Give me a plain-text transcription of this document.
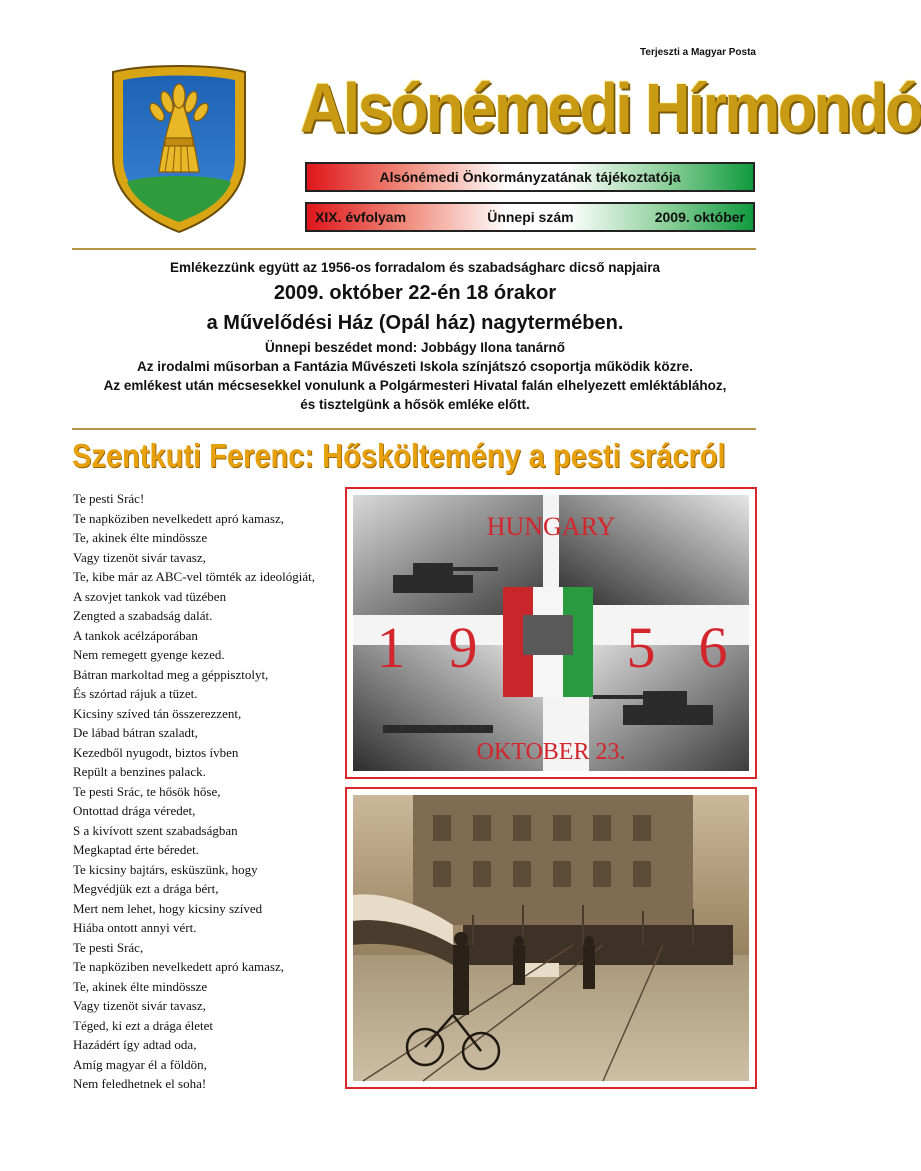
Terjeszti a Magyar Posta
Alsónémedi Hírmondó
Alsónémedi Önkormányzatának tájékoztatója
XIX. évfolyam	Ünnepi szám	2009. október
Emlékezzünk együtt az 1956-os forradalom és szabadságharc dicső napjaira
2009. október 22-én 18 órakor
a Művelődési Ház (Opál ház) nagytermében.
Ünnepi beszédet mond: Jobbágy Ilona tanárnő
Az irodalmi műsorban a Fantázia Művészeti Iskola színjátszó csoportja működik közre.
Az emlékest után mécsesekkel vonulunk a Polgármesteri Hivatal falán elhelyezett emléktáblához,
és tisztelgünk a hősök emléke előtt.
Szentkuti Ferenc: Hősköltemény a pesti srácról
Te pesti Srác!
Te napköziben nevelkedett apró kamasz,
Te, akinek élte mindössze
Vagy tizenöt sivár tavasz,
Te, kibe már az ABC-vel tömték az ideológiát,
A szovjet tankok vad tüzében
Zengted a szabadság dalát.
A tankok acélzáporában
Nem remegett gyenge kezed.
Bátran markoltad meg a géppisztolyt,
És szórtad rájuk a tüzet.
Kicsiny szíved tán összerezzent,
De lábad bátran szaladt,
Kezedből nyugodt, biztos ívben
Repült a benzines palack.
Te pesti Srác, te hősök hőse,
Ontottad drága véredet,
S a kivívott szent szabadságban
Megkaptad érte béredet.
Te kicsiny bajtárs, esküszünk, hogy
Megvédjük ezt a drága bért,
Mert nem lehet, hogy kicsiny szíved
Hiába ontott annyi vért.
Te pesti Srác,
Te napköziben nevelkedett apró kamasz,
Te, akinek élte mindössze
Vagy tizenöt sivár tavasz,
Téged, ki ezt a drága életet
Hazádért így adtad oda,
Amíg magyar él a földön,
Nem feledhetnek el soha!
HUNGARY
1 9	5 6
OKTOBER 23.
